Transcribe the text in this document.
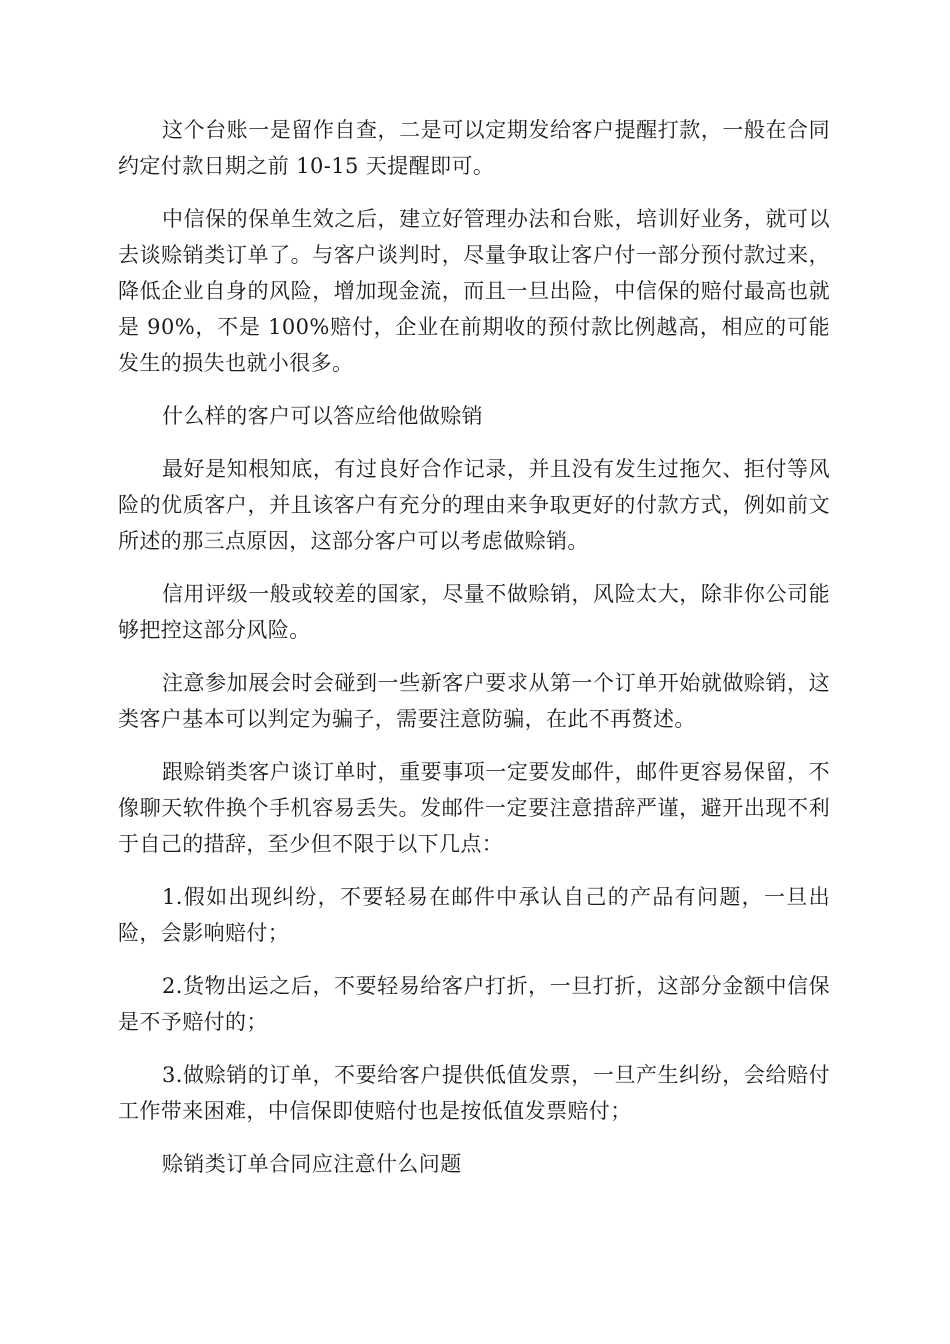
这个台账一是留作自查，二是可以定期发给客户提醒打款，一般在合同约定付款日期之前 10-15 天提醒即可。

中信保的保单生效之后，建立好管理办法和台账，培训好业务，就可以去谈赊销类订单了。与客户谈判时，尽量争取让客户付一部分预付款过来，降低企业自身的风险，增加现金流，而且一旦出险，中信保的赔付最高也就是 90%，不是 100%赔付，企业在前期收的预付款比例越高，相应的可能发生的损失也就小很多。

什么样的客户可以答应给他做赊销

最好是知根知底，有过良好合作记录，并且没有发生过拖欠、拒付等风险的优质客户，并且该客户有充分的理由来争取更好的付款方式，例如前文所述的那三点原因，这部分客户可以考虑做赊销。

信用评级一般或较差的国家，尽量不做赊销，风险太大，除非你公司能够把控这部分风险。

注意参加展会时会碰到一些新客户要求从第一个订单开始就做赊销，这类客户基本可以判定为骗子，需要注意防骗，在此不再赘述。

跟赊销类客户谈订单时，重要事项一定要发邮件，邮件更容易保留，不像聊天软件换个手机容易丢失。发邮件一定要注意措辞严谨，避开出现不利于自己的措辞，至少但不限于以下几点：

1.假如出现纠纷，不要轻易在邮件中承认自己的产品有问题，一旦出险，会影响赔付；

2.货物出运之后，不要轻易给客户打折，一旦打折，这部分金额中信保是不予赔付的；

3.做赊销的订单，不要给客户提供低值发票，一旦产生纠纷，会给赔付工作带来困难，中信保即使赔付也是按低值发票赔付；

赊销类订单合同应注意什么问题
